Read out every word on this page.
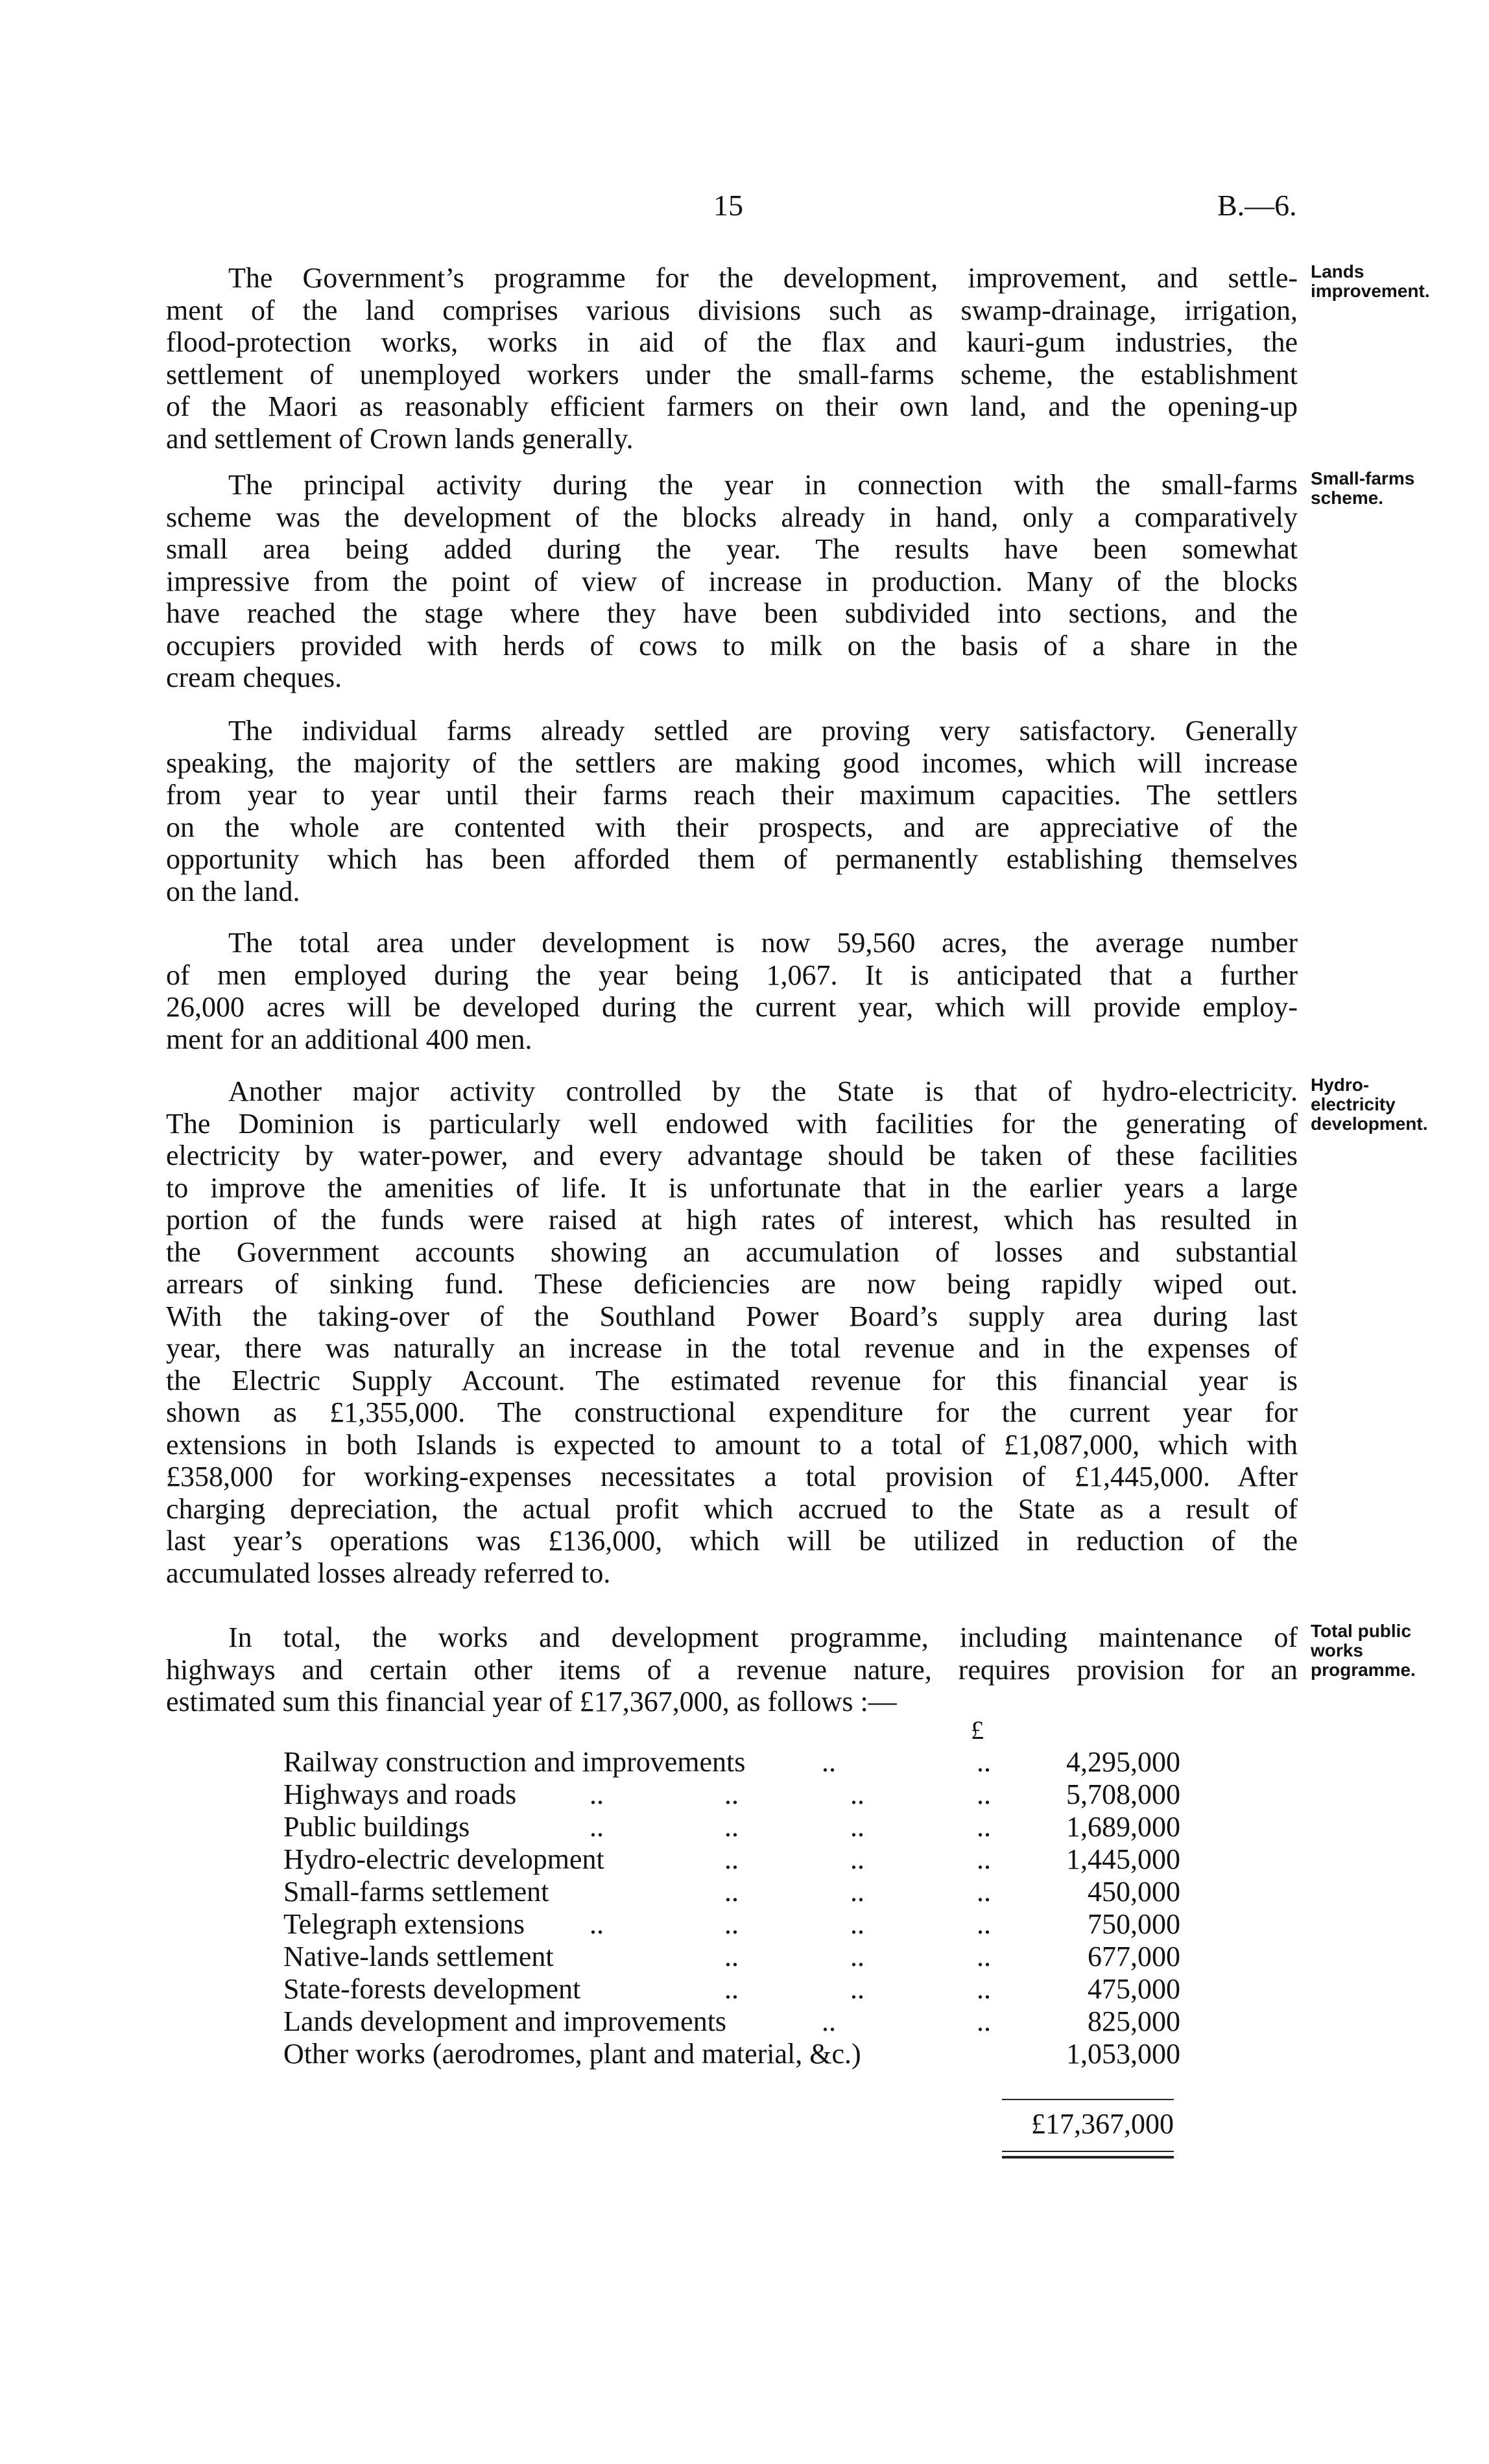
15	B.—6.
The Government’s programme for the development, improvement, and settle-
ment of the land comprises various divisions such as swamp-drainage, irrigation,
flood-protection works, works in aid of the flax and kauri-gum industries, the
settlement of unemployed workers under the small-farms scheme, the establishment
of the Maori as reasonably efficient farmers on their own land, and the opening-up
and settlement of Crown lands generally.
The principal activity during the year in connection with the small-farms
scheme was the development of the blocks already in hand, only a comparatively
small area being added during the year. The results have been somewhat
impressive from the point of view of increase in production. Many of the blocks
have reached the stage where they have been subdivided into sections, and the
occupiers provided with herds of cows to milk on the basis of a share in the
cream cheques.
The individual farms already settled are proving very satisfactory. Generally
speaking, the majority of the settlers are making good incomes, which will increase
from year to year until their farms reach their maximum capacities. The settlers
on the whole are contented with their prospects, and are appreciative of the
opportunity which has been afforded them of permanently establishing themselves
on the land.
The total area under development is now 59,560 acres, the average number
of men employed during the year being 1,067. It is anticipated that a further
26,000 acres will be developed during the current year, which will provide employ-
ment for an additional 400 men.
Another major activity controlled by the State is that of hydro-electricity.
The Dominion is particularly well endowed with facilities for the generating of
electricity by water-power, and every advantage should be taken of these facilities
to improve the amenities of life. It is unfortunate that in the earlier years a large
portion of the funds were raised at high rates of interest, which has resulted in
the Government accounts showing an accumulation of losses and substantial
arrears of sinking fund. These deficiencies are now being rapidly wiped out.
With the taking-over of the Southland Power Board’s supply area during last
year, there was naturally an increase in the total revenue and in the expenses of
the Electric Supply Account. The estimated revenue for this financial year is
shown as £1,355,000. The constructional expenditure for the current year for
extensions in both Islands is expected to amount to a total of £1,087,000, which with
£358,000 for working-expenses necessitates a total provision of £1,445,000. After
charging depreciation, the actual profit which accrued to the State as a result of
last year’s operations was £136,000, which will be utilized in reduction of the
accumulated losses already referred to.
In total, the works and development programme, including maintenance of
highways and certain other items of a revenue nature, requires provision for an
estimated sum this financial year of £17,367,000, as follows :—
Lands
improvement.
Small-farms
scheme.
Hydro-
electricity
development.
Total public
works
programme.
£
Railway construction and improvements	..	..	4,295,000
Highways and roads	..	..	..	..	5,708,000
Public buildings	..	..	..	..	1,689,000
Hydro-electric development	..	..	..	1,445,000
Small-farms settlement	..	..	..	450,000
Telegraph extensions ..	..	..	..	750,000
Native-lands settlement	..	..	..	677,000
State-forests development	..	..	..	475,000
Lands development and improvements	..	..	825,000
Other works (aerodromes, plant and material, &c.)	1,053,000
£17,367,000
